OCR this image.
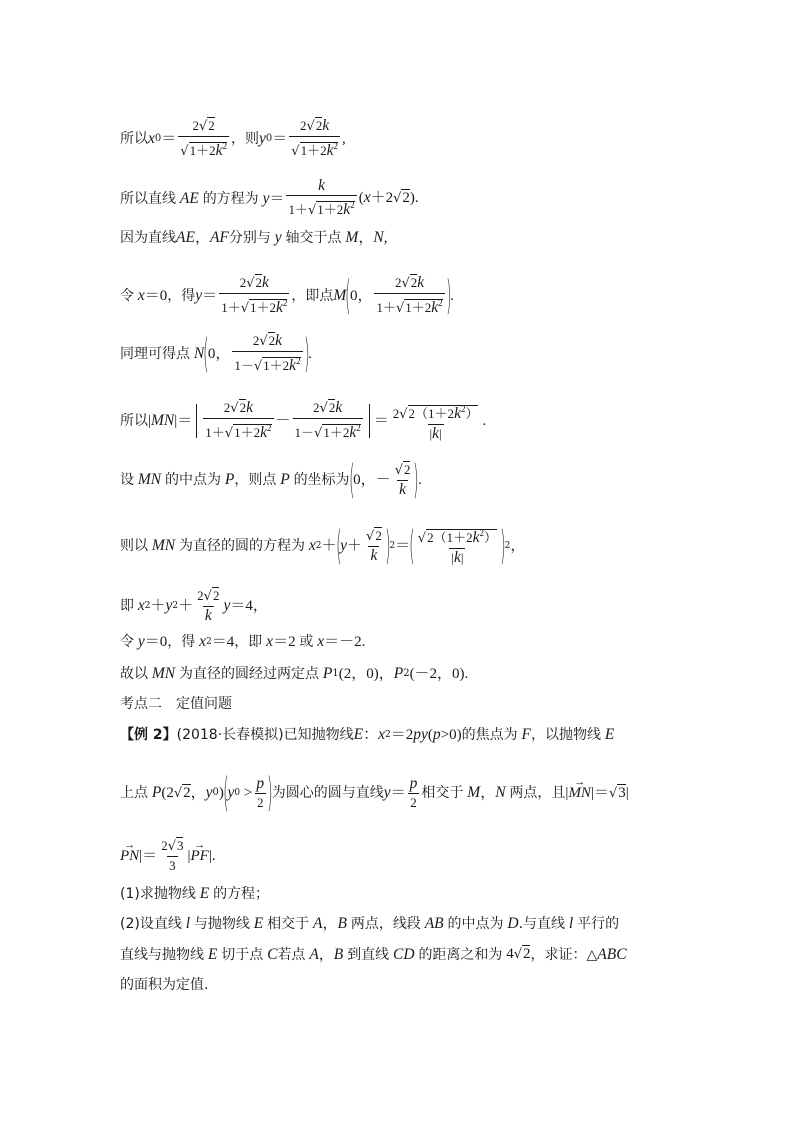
所以 x $0 = \frac{2√2}{√1+2k^2}$ ，则 y $0 = \frac{2√2k}{√1+2k^2}$ ,
所以直线 AE 的方程为 $y = \frac{k}{1+√1+2k^2} (x+2√2)$.
因为直线 AE ， AF 分别与 y 轴交于点 M ， N ,
令 x ＝0 ，得 $y = \frac{2√2k}{1+√1+2k^2}$ ，即点 M ( 0， $\frac{2√2k}{1+√1+2k^2}$ ) .
同理可得点 N ( 0， $\frac{2√2k}{1-√1+2k^2}$ ) .
所以 $|MN|= \frac{2√2k}{1+√1+2k^2} - \frac{2√2k}{1-√1+2k^2} = \frac{2√2(1+2k^2)}{|k|}$ .
设 MN 的中点为 P ，则点 P 的坐标为 ( 0，－ $\frac{√2}{k}$ ) .
则以 MN 为直径的圆的方程为 x 2 ＋ ( $y + \frac{√2}{k}$ ) 2 ＝ ( $\frac{√2(1+2k^2)}{|k|}$ ) 2 ，
即 x 2 ＋ y $2 + \frac{2√2}{k}$ y ＝4，
令 y ＝0 ，得 x 2 ＝4 ，即 x ＝2 或 x ＝－2.
故以 MN 为直径的圆经过两定点 P 1 (2，0)， P 2 (－2，0).
考点二　定值问题
【例 2】 (2018·长春模拟)已知抛物线 E ： x 2 ＝2 py ( p >0) 的焦点为 F ，以抛物线 E
上点 P (2√2， y 0 ) ( y $0 > \frac{p}{2}$ ) 为圆心的圆与直线 $y = \frac{p}{2}$ 相交于 M ， N 两点，且 |→ MN|＝√3|
→ $PN|= \frac{2√3}{3}$ |→ PF|.
(1)求抛物线 E 的方程；
(2)设直线 l 与抛物线 E 相交于 A ， B 两点，线段 AB 的中点为 D .与直线 l 平行的
直线与抛物线 E 切于点 C 若点 A ， B 到直线 CD 的距离之和为 4√2 ，求证：△ ABC
的面积为定值.
